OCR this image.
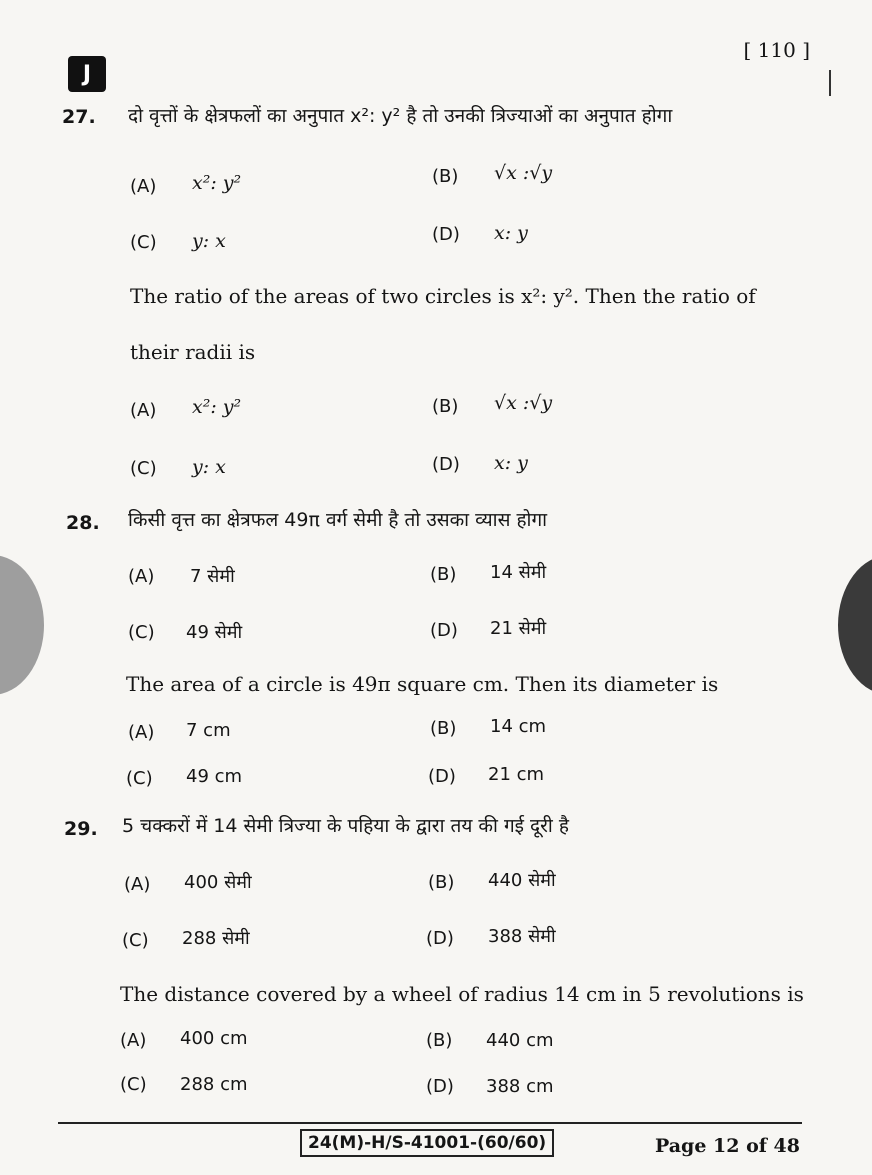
J
[ 110 ]
27. दो वृत्तों के क्षेत्रफलों का अनुपात x²: y² है तो उनकी त्रिज्याओं का अनुपात होगा
(A) x²: y²	(B) √x :√y
(C) y: x	(D) x: y
The ratio of the areas of two circles is x²: y². Then the ratio of
their radii is
(A) x²: y²	(B) √x :√y
(C) y: x	(D) x: y
28. किसी वृत्त का क्षेत्रफल 49π वर्ग सेमी है तो उसका व्यास होगा
(A) 7 सेमी	(B) 14 सेमी
(C) 49 सेमी	(D) 21 सेमी
The area of a circle is 49π square cm. Then its diameter is
(A) 7 cm	(B) 14 cm
(C) 49 cm	(D) 21 cm
29. 5 चक्करों में 14 सेमी त्रिज्या के पहिया के द्वारा तय की गई दूरी है
(A) 400 सेमी	(B) 440 सेमी
(C) 288 सेमी	(D) 388 सेमी
The distance covered by a wheel of radius 14 cm in 5 revolutions is
(A) 400 cm	(B) 440 cm
(C) 288 cm	(D) 388 cm
24(M)-H/S-41001-(60/60)	Page 12 of 48
